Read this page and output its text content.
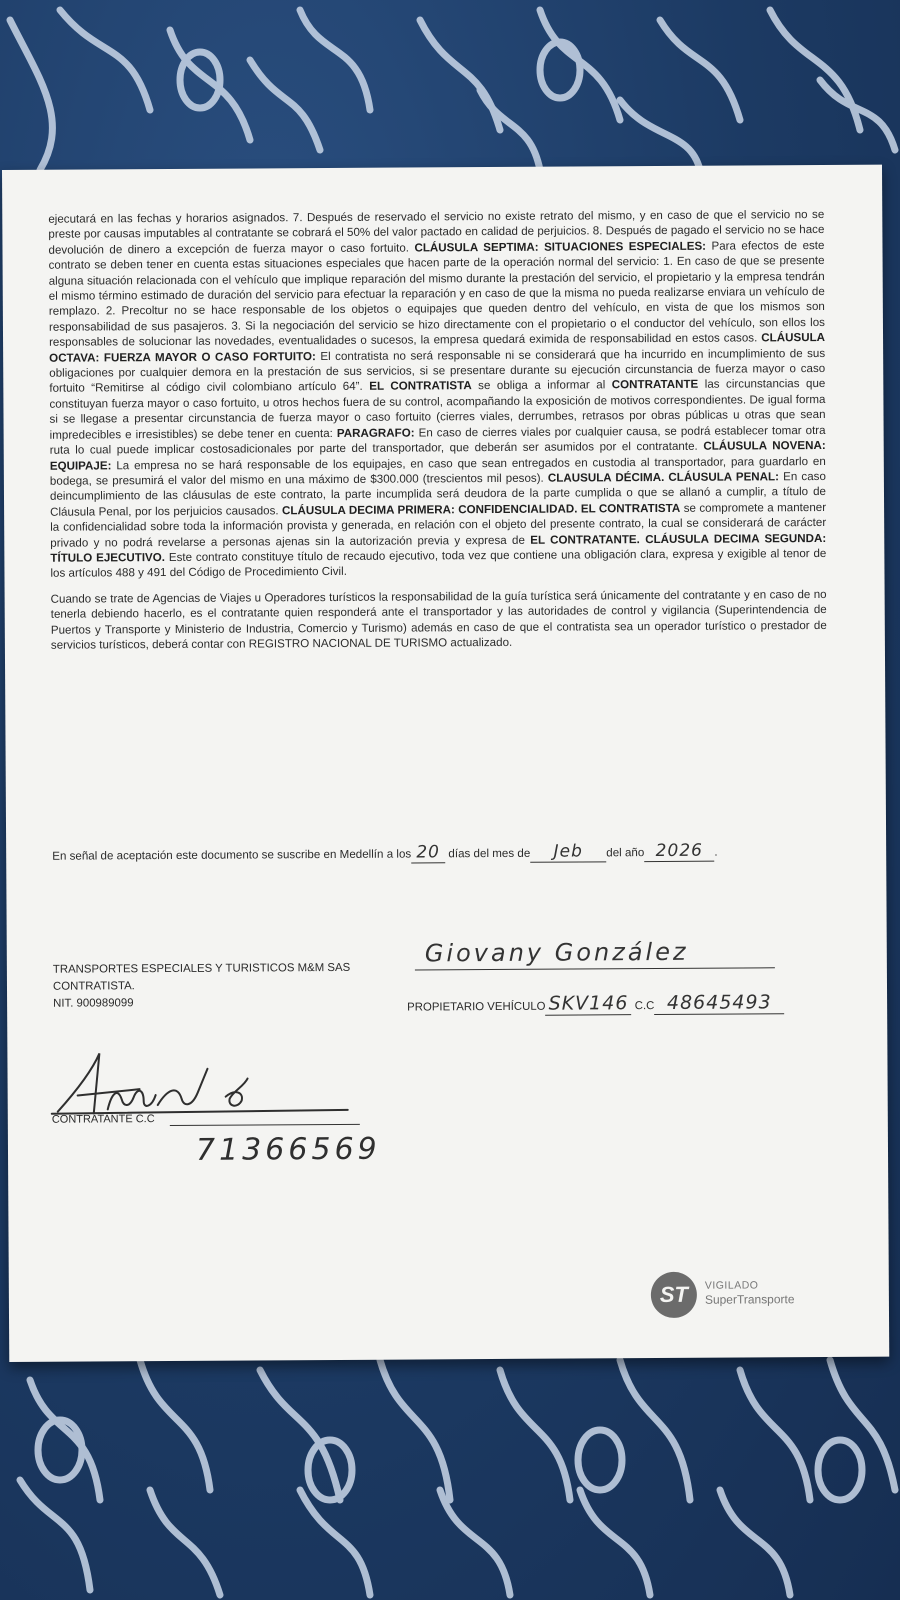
ejecutará en las fechas y horarios asignados. 7. Después de reservado el servicio no existe retrato del mismo, y en caso de que el servicio no se preste por causas imputables al contratante se cobrará el 50% del valor pactado en calidad de perjuicios. 8. Después de pagado el servicio no se hace devolución de dinero a excepción de fuerza mayor o caso fortuito. CLÁUSULA SEPTIMA: SITUACIONES ESPECIALES: Para efectos de este contrato se deben tener en cuenta estas situaciones especiales que hacen parte de la operación normal del servicio: 1. En caso de que se presente alguna situación relacionada con el vehículo que implique reparación del mismo durante la prestación del servicio, el propietario y la empresa tendrán el mismo término estimado de duración del servicio para efectuar la reparación y en caso de que la misma no pueda realizarse enviara un vehículo de remplazo. 2. Precoltur no se hace responsable de los objetos o equipajes que queden dentro del vehículo, en vista de que los mismos son responsabilidad de sus pasajeros. 3. Si la negociación del servicio se hizo directamente con el propietario o el conductor del vehículo, son ellos los responsables de solucionar las novedades, eventualidades o sucesos, la empresa quedará eximida de responsabilidad en estos casos. CLÁUSULA OCTAVA: FUERZA MAYOR O CASO FORTUITO: El contratista no será responsable ni se considerará que ha incurrido en incumplimiento de sus obligaciones por cualquier demora en la prestación de sus servicios, si se presentare durante su ejecución circunstancia de fuerza mayor o caso fortuito “Remitirse al código civil colombiano artículo 64”. EL CONTRATISTA se obliga a informar al CONTRATANTE las circunstancias que constituyan fuerza mayor o caso fortuito, u otros hechos fuera de su control, acompañando la exposición de motivos correspondientes. De igual forma si se llegase a presentar circunstancia de fuerza mayor o caso fortuito (cierres viales, derrumbes, retrasos por obras públicas u otras que sean impredecibles e irresistibles) se debe tener en cuenta: PARAGRAFO: En caso de cierres viales por cualquier causa, se podrá establecer tomar otra ruta lo cual puede implicar costosadicionales por parte del transportador, que deberán ser asumidos por el contratante. CLÁUSULA NOVENA: EQUIPAJE: La empresa no se hará responsable de los equipajes, en caso que sean entregados en custodia al transportador, para guardarlo en bodega, se presumirá el valor del mismo en una máximo de $300.000 (trescientos mil pesos). CLAUSULA DÉCIMA. CLÁUSULA PENAL: En caso deincumplimiento de las cláusulas de este contrato, la parte incumplida será deudora de la parte cumplida o que se allanó a cumplir, a título de Cláusula Penal, por los perjuicios causados. CLÁUSULA DECIMA PRIMERA: CONFIDENCIALIDAD. EL CONTRATISTA se compromete a mantener la confidencialidad sobre toda la información provista y generada, en relación con el objeto del presente contrato, la cual se considerará de carácter privado y no podrá revelarse a personas ajenas sin la autorización previa y expresa de EL CONTRATANTE. CLÁUSULA DECIMA SEGUNDA: TÍTULO EJECUTIVO. Este contrato constituye título de recaudo ejecutivo, toda vez que contiene una obligación clara, expresa y exigible al tenor de los artículos 488 y 491 del Código de Procedimiento Civil.

Cuando se trate de Agencias de Viajes u Operadores turísticos la responsabilidad de la guía turística será únicamente del contratante y en caso de no tenerla debiendo hacerlo, es el contratante quien responderá ante el transportador y las autoridades de control y vigilancia (Superintendencia de Puertos y Transporte y Ministerio de Industria, Comercio y Turismo) además en caso de que el contratista sea un operador turístico o prestador de servicios turísticos, deberá contar con REGISTRO NACIONAL DE TURISMO actualizado.

En señal de aceptación este documento se suscribe en Medellín a los 20 días del mes de Jeb del año 2026 .
TRANSPORTES ESPECIALES Y TURISTICOS M&M SAS
CONTRATISTA.
NIT. 900989099
Giovany González
PROPIETARIO VEHÍCULO SKV146 C.C 48645493
CONTRATANTE C.C
71366569
ST	VIGILADO
SuperTransporte
